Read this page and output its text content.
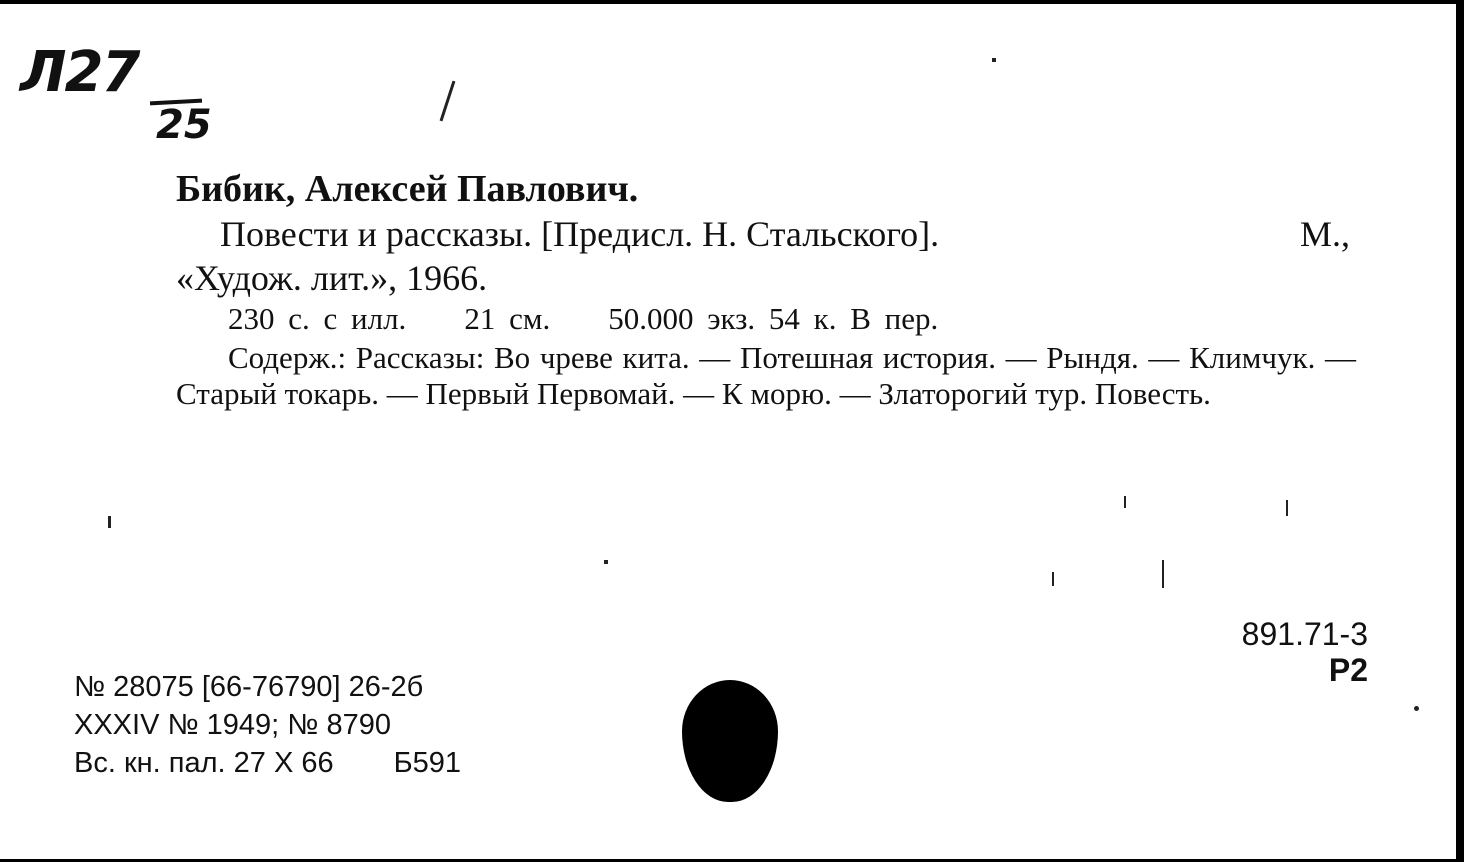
Л27
25

Бибик, Алексей Павлович.

Повести и рассказы. [Предисл. Н. Стальского].	М.,
«Худож. лит.», 1966.
230 с. с илл. 21 см. 50.000 экз. 54 к. В пер.
Содерж.: Рассказы: Во чреве кита. — Потешная история. — Рындя. — Климчук. — Старый токарь. — Первый Первомай. — К морю. — Златорогий тур. Повесть.
891.71-3
Р2
№ 28075 [66-76790] 26-2б
XXXIV № 1949; № 8790
Вс. кн. пал. 27 X 66 Б591
